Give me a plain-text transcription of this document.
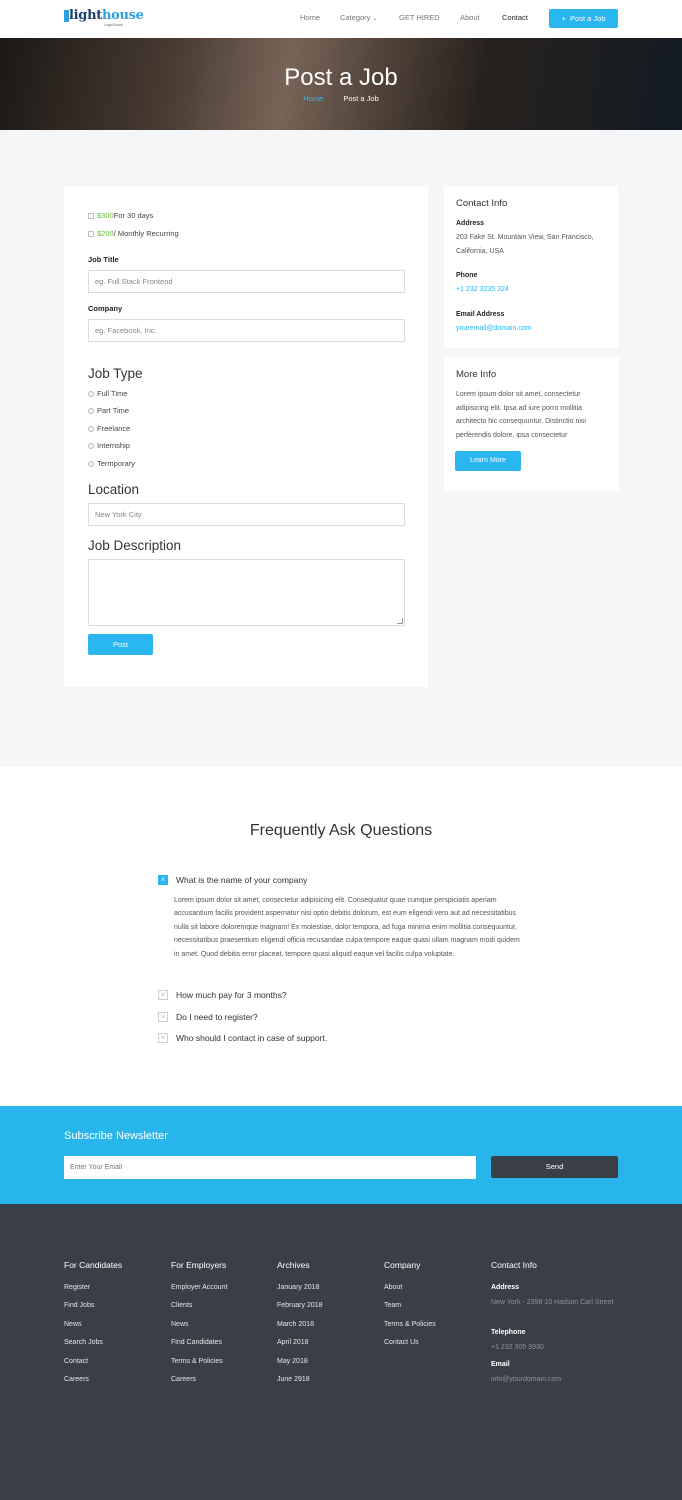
lighthouse
Legal Board
Home	Category ⌄	GET HIRED	About	Contact	+ Post a Job
Post a Job
Home	Post a Job
$300 For 30 days
$200 / Monthly Recurring
Job Title
eg. Full Stack Frontend
Company
eg. Facebook, Inc.
Job Type
Full Time
Part Time
Freelance
Internship
Termporary
Location
New York City
Job Description
Post
Contact Info
Address
203 Fake St. Mountain View, San Francisco, California, USA
Phone
+1 232 3235 324
Email Address
youremail@domain.com
More Info
Lorem ipsum dolor sit amet, consectetur adipisicing elit. Ipsa ad iure porro mollitia architecto hic consequuntur. Distinctio nisi perferendis dolore, ipsa consectetur
Learn More
Frequently Ask Questions
˄	What is the name of your company
Lorem ipsum dolor sit amet, consectetur adipisicing elit. Consequatur quae cumque perspiciatis aperiam accusantium facilis provident aspernatur nisi optio debitis dolorum, est eum eligendi vero aut ad necessitatibus nulla sit labore doloremque magnam! Ex molestiae, dolor tempora, ad fuga minima enim mollitia consequuntur, necessitatibus praesentium eligendi officia recusandae culpa tempore eaque quasi ullam magnam modi quidem in amet. Quod debitis error placeat, tempore quasi aliquid eaque vel facilis culpa voluptate.
˅	How much pay for 3 months?
˅	Do I need to register?
˅	Who should I contact in case of support.
Subscribe Newsletter
Enter Your Email	Send
For Candidates
Register
Find Jobs
News
Search Jobs
Contact
Careers
For Employers
Employer Account
Clients
News
Find Candidates
Terms & Policies
Careers
Archives
January 2018
February 2018
March 2018
April 2018
May 2018
June 2918
Company
About
Team
Terms & Policies
Contact Us
Contact Info
Address
New York - 2398 10 Hadson Carl Street
Telephone
+1 232 305 3930
Email
info@yourdomain.com
